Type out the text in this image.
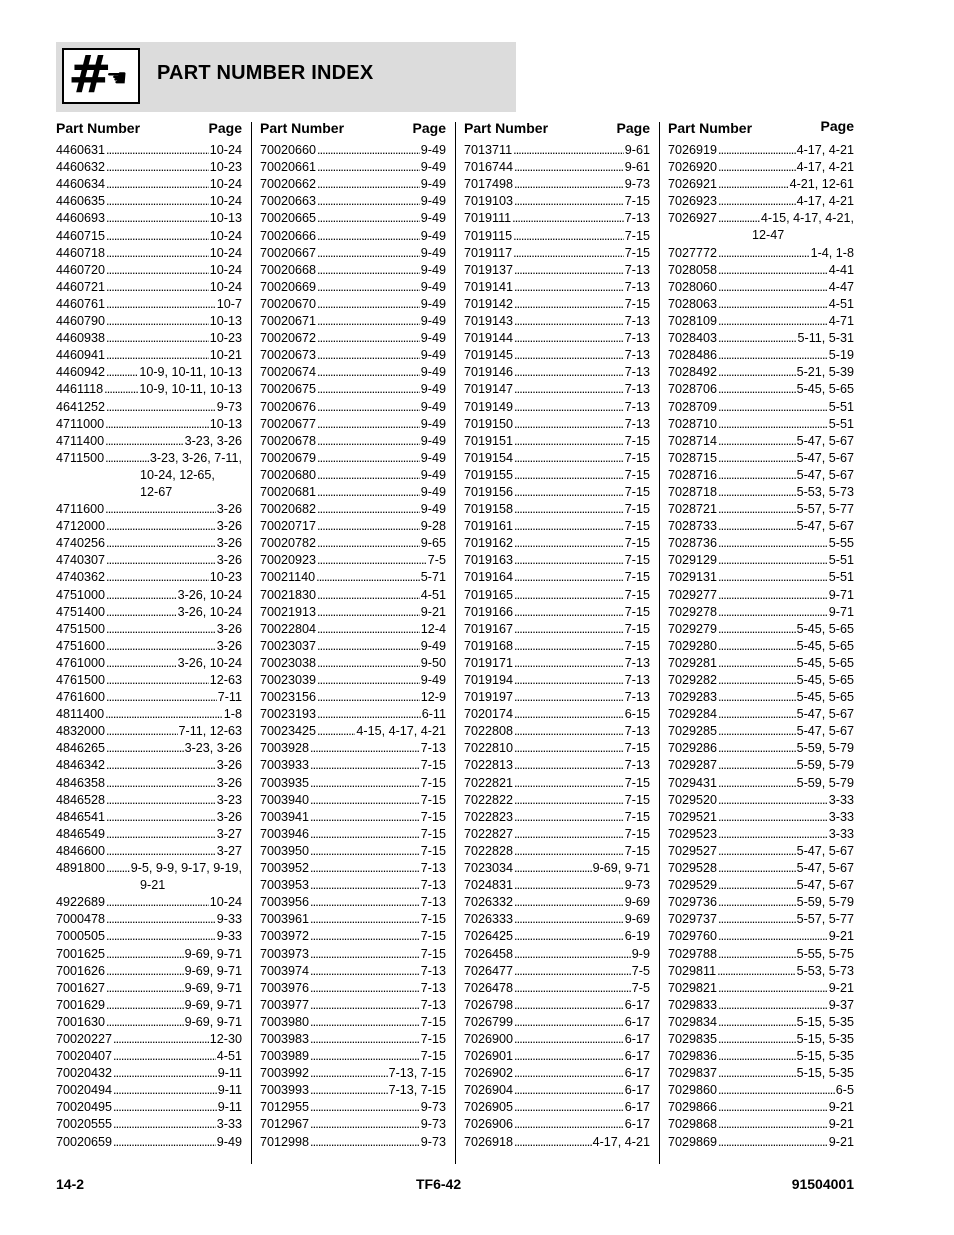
#
☚ PART NUMBER INDEX
Part Number	Page
4460631 . . .	10-24
4460632 . . .	10-23
4460634 . . .	10-24
4460635 . . .	10-24
4460693 . . .	10-13
4460715 . . .	10-24
4460718 . . .	10-24
4460720 . . .	10-24
4460721 . . .	10-24
4460761 . . .	10-7
4460790 . . .	10-13
4460938 . . .	10-23
4460941 . . .	10-21
4460942 . . .	10-9, 10-11, 10-13
4461118 . . .	10-9, 10-11, 10-13
4641252 . . .	9-73
4711000 . . .	10-13
4711400 . . .	3-23, 3-26
4711500 . . .	3-23, 3-26, 7-11,
10-24, 12-65,
12-67
4711600 . . .	3-26
4712000 . . .	3-26
4740256 . . .	3-26
4740307 . . .	3-26
4740362 . . .	10-23
4751000 . . .	3-26, 10-24
4751400 . . .	3-26, 10-24
4751500 . . .	3-26
4751600 . . .	3-26
4761000 . . .	3-26, 10-24
4761500 . . .	12-63
4761600 . . .	7-11
4811400 . . .	1-8
4832000 . . .	7-11, 12-63
4846265 . . .	3-23, 3-26
4846342 . . .	3-26
4846358 . . .	3-26
4846528 . . .	3-23
4846541 . . .	3-26
4846549 . . .	3-27
4846600 . . .	3-27
4891800 . . . 9-5, 9-9, 9-17, 9-19,
9-21
4922689 . . .	10-24
7000478 . . .	9-33
7000505 . . .	9-33
7001625 . . .	9-69, 9-71
7001626 . . .	9-69, 9-71
7001627 . . .	9-69, 9-71
7001629 . . .	9-69, 9-71
7001630 . . .	9-69, 9-71
70020227 . . .	12-30
70020407 . . .	4-51
70020432 . . .	9-11
70020494 . . .	9-11
70020495 . . .	9-11
70020555 . . .	3-33
70020659 . . .	9-49
Part Number	Page
70020660 . . .	9-49
70020661 . . .	9-49
70020662 . . .	9-49
70020663 . . .	9-49
70020665 . . .	9-49
70020666 . . .	9-49
70020667 . . .	9-49
70020668 . . .	9-49
70020669 . . .	9-49
70020670 . . .	9-49
70020671 . . .	9-49
70020672 . . .	9-49
70020673 . . .	9-49
70020674 . . .	9-49
70020675 . . .	9-49
70020676 . . .	9-49
70020677 . . .	9-49
70020678 . . .	9-49
70020679 . . .	9-49
70020680 . . .	9-49
70020681 . . .	9-49
70020682 . . .	9-49
70020717 . . .	9-28
70020782 . . .	9-65
70020923 . . .	7-5
70021140 . . .	5-71
70021830 . . .	4-51
70021913 . . .	9-21
70022804 . . .	12-4
70023037 . . .	9-49
70023038 . . .	9-50
70023039 . . .	9-49
70023156 . . .	12-9
70023193 . . .	6-11
70023425 . . .	4-15, 4-17, 4-21
7003928 . . .	7-13
7003933 . . .	7-15
7003935 . . .	7-15
7003940 . . .	7-15
7003941 . . .	7-15
7003946 . . .	7-15
7003950 . . .	7-15
7003952 . . .	7-13
7003953 . . .	7-13
7003956 . . .	7-13
7003961 . . .	7-15
7003972 . . .	7-15
7003973 . . .	7-15
7003974 . . .	7-13
7003976 . . .	7-13
7003977 . . .	7-13
7003980 . . .	7-15
7003983 . . .	7-15
7003989 . . .	7-15
7003992 . . .	7-13, 7-15
7003993 . . .	7-13, 7-15
7012955 . . .	9-73
7012967 . . .	9-73
7012998 . . .	9-73
Part Number	Page
7013711 . . .	9-61
7016744 . . .	9-61
7017498 . . .	9-73
7019103 . . .	7-15
7019111 . . .	7-13
7019115 . . .	7-15
7019117 . . .	7-15
7019137 . . .	7-13
7019141 . . .	7-13
7019142 . . .	7-15
7019143 . . .	7-13
7019144 . . .	7-13
7019145 . . .	7-13
7019146 . . .	7-13
7019147 . . .	7-13
7019149 . . .	7-13
7019150 . . .	7-13
7019151 . . .	7-15
7019154 . . .	7-15
7019155 . . .	7-15
7019156 . . .	7-15
7019158 . . .	7-15
7019161 . . .	7-15
7019162 . . .	7-15
7019163 . . .	7-15
7019164 . . .	7-15
7019165 . . .	7-15
7019166 . . .	7-15
7019167 . . .	7-15
7019168 . . .	7-15
7019171 . . .	7-13
7019194 . . .	7-13
7019197 . . .	7-13
7020174 . . .	6-15
7022808 . . .	7-13
7022810 . . .	7-15
7022813 . . .	7-13
7022821 . . .	7-15
7022822 . . .	7-15
7022823 . . .	7-15
7022827 . . .	7-15
7022828 . . .	7-15
7023034 . . .	9-69, 9-71
7024831 . . .	9-73
7026332 . . .	9-69
7026333 . . .	9-69
7026425 . . .	6-19
7026458 . . .	9-9
7026477 . . .	7-5
7026478 . . .	7-5
7026798 . . .	6-17
7026799 . . .	6-17
7026900 . . .	6-17
7026901 . . .	6-17
7026902 . . .	6-17
7026904 . . .	6-17
7026905 . . .	6-17
7026906 . . .	6-17
7026918 . . .	4-17, 4-21
Part Number	Page
7026919 . . .	4-17, 4-21
7026920 . . .	4-17, 4-21
7026921 . . .	4-21, 12-61
7026923 . . .	4-17, 4-21
7026927 . . .	4-15, 4-17, 4-21,
12-47
7027772 . . .	1-4, 1-8
7028058 . . .	4-41
7028060 . . .	4-47
7028063 . . .	4-51
7028109 . . .	4-71
7028403 . . .	5-11, 5-31
7028486 . . .	5-19
7028492 . . .	5-21, 5-39
7028706 . . .	5-45, 5-65
7028709 . . .	5-51
7028710 . . .	5-51
7028714 . . .	5-47, 5-67
7028715 . . .	5-47, 5-67
7028716 . . .	5-47, 5-67
7028718 . . .	5-53, 5-73
7028721 . . .	5-57, 5-77
7028733 . . .	5-47, 5-67
7028736 . . .	5-55
7029129 . . .	5-51
7029131 . . .	5-51
7029277 . . .	9-71
7029278 . . .	9-71
7029279 . . .	5-45, 5-65
7029280 . . .	5-45, 5-65
7029281 . . .	5-45, 5-65
7029282 . . .	5-45, 5-65
7029283 . . .	5-45, 5-65
7029284 . . .	5-47, 5-67
7029285 . . .	5-47, 5-67
7029286 . . .	5-59, 5-79
7029287 . . .	5-59, 5-79
7029431 . . .	5-59, 5-79
7029520 . . .	3-33
7029521 . . .	3-33
7029523 . . .	3-33
7029527 . . .	5-47, 5-67
7029528 . . .	5-47, 5-67
7029529 . . .	5-47, 5-67
7029736 . . .	5-59, 5-79
7029737 . . .	5-57, 5-77
7029760 . . .	9-21
7029788 . . .	5-55, 5-75
7029811 . . .	5-53, 5-73
7029821 . . .	9-21
7029833 . . .	9-37
7029834 . . .	5-15, 5-35
7029835 . . .	5-15, 5-35
7029836 . . .	5-15, 5-35
7029837 . . .	5-15, 5-35
7029860 . . .	6-5
7029866 . . .	9-21
7029868 . . .	9-21
7029869 . . .	9-21
14-2	TF6-42	91504001
